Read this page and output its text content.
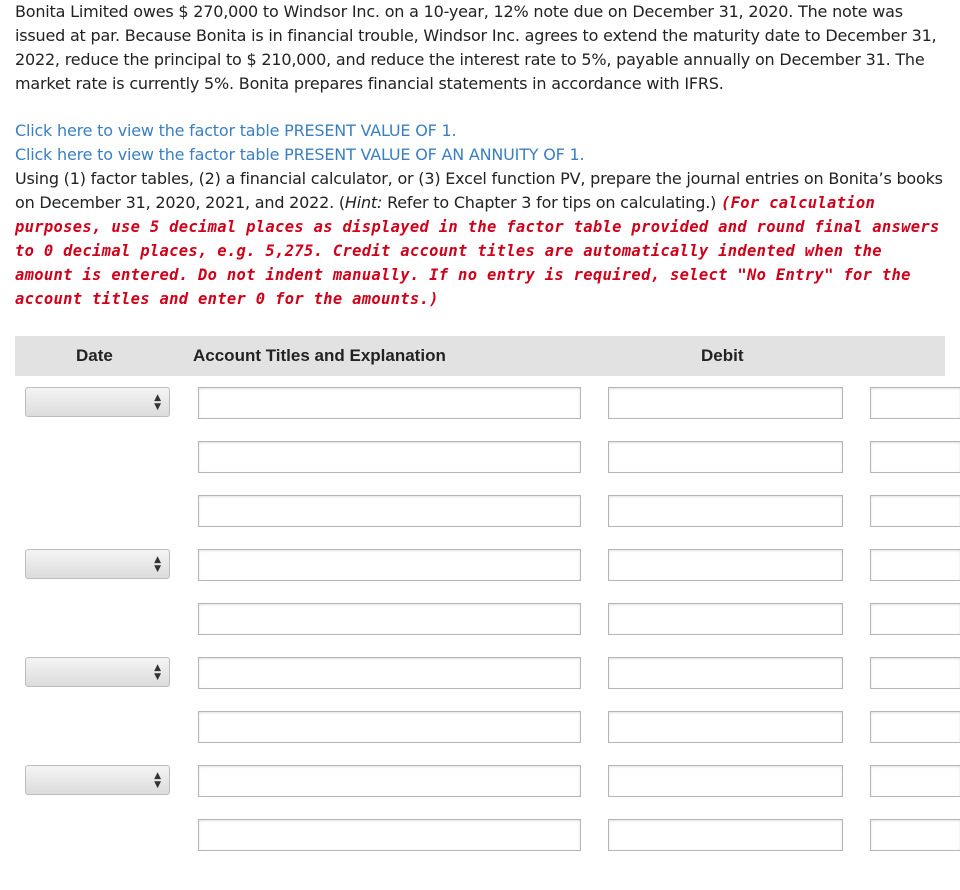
Bonita Limited owes $ 270,000 to Windsor Inc. on a 10-year, 12% note due on December 31, 2020. The note was issued at par. Because Bonita is in financial trouble, Windsor Inc. agrees to extend the maturity date to December 31, 2022, reduce the principal to $ 210,000, and reduce the interest rate to 5%, payable annually on December 31. The market rate is currently 5%. Bonita prepares financial statements in accordance with IFRS.

Click here to view the factor table PRESENT VALUE OF 1.
Click here to view the factor table PRESENT VALUE OF AN ANNUITY OF 1.
Using (1) factor tables, (2) a financial calculator, or (3) Excel function PV, prepare the journal entries on Bonita’s books on December 31, 2020, 2021, and 2022. (Hint: Refer to Chapter 3 for tips on calculating.) (For calculation purposes, use 5 decimal places as displayed in the factor table provided and round final answers to 0 decimal places, e.g. 5,275. Credit account titles are automatically indented when the amount is entered. Do not indent manually. If no entry is required, select "No Entry" for the account titles and enter 0 for the amounts.)
Date	Account Titles and Explanation	Debit
▲
▼
▲
▼
▲
▼
▲
▼
